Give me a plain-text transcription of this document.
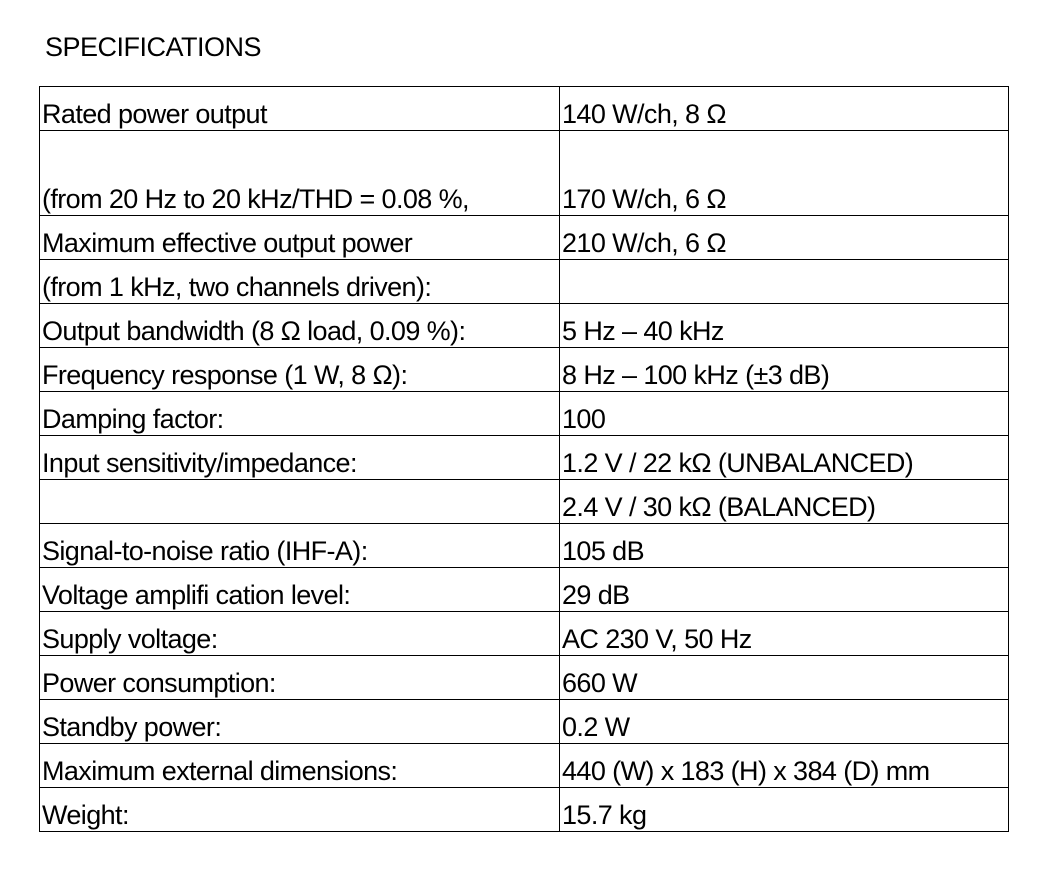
SPECIFICATIONS
Rated power output	140 W/ch, 8 Ω
(from 20 Hz to 20 kHz/THD = 0.08 %,	170 W/ch, 6 Ω
Maximum effective output power	210 W/ch, 6 Ω
(from 1 kHz, two channels driven):	
Output bandwidth (8 Ω load, 0.09 %):	5 Hz – 40 kHz
Frequency response (1 W, 8 Ω):	8 Hz – 100 kHz (±3 dB)
Damping factor:	100
Input sensitivity/impedance:	1.2 V / 22 kΩ (UNBALANCED)
	2.4 V / 30 kΩ (BALANCED)
Signal-to-noise ratio (IHF-A):	105 dB
Voltage amplifi cation level:	29 dB
Supply voltage:	AC 230 V, 50 Hz
Power consumption:	660 W
Standby power:	0.2 W
Maximum external dimensions:	440 (W) x 183 (H) x 384 (D) mm
Weight:	15.7 kg
